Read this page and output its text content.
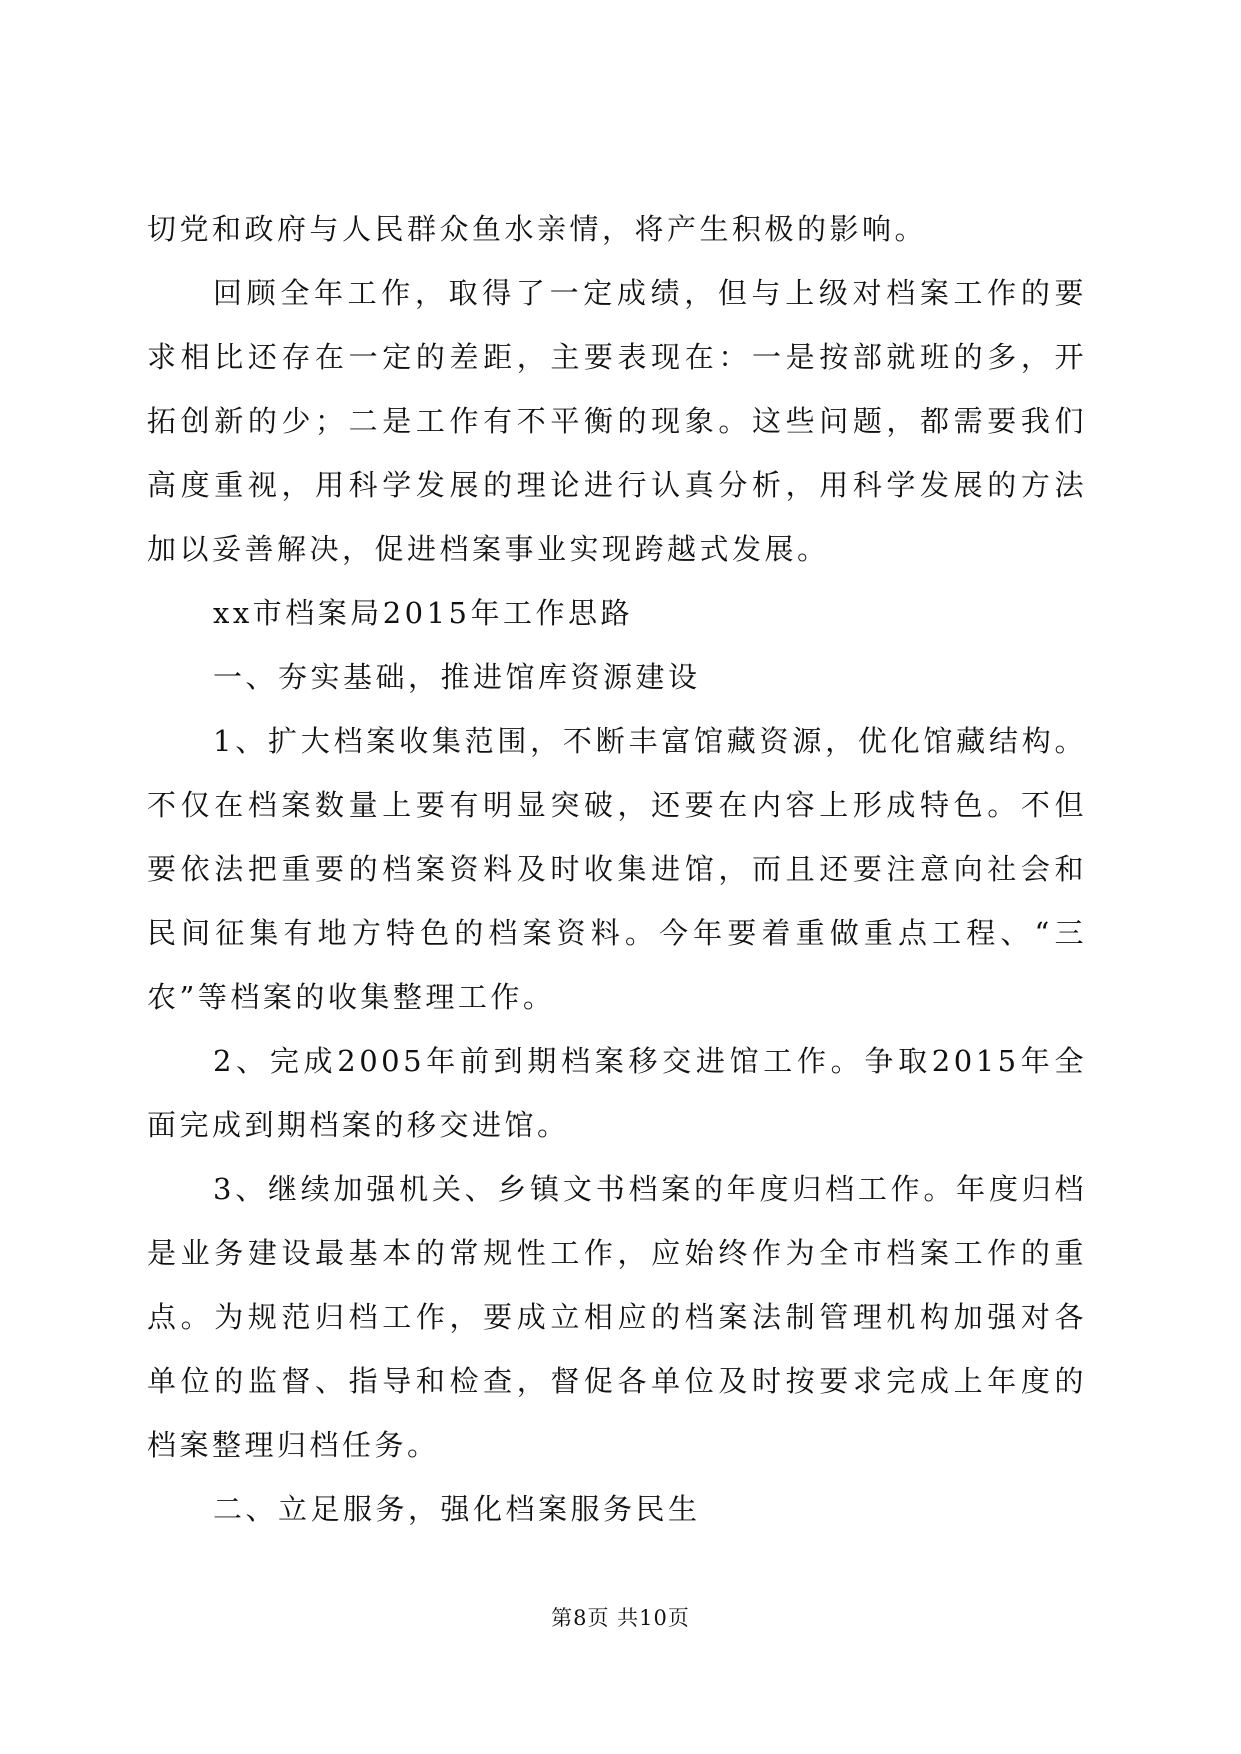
切党和政府与人民群众鱼水亲情，将产生积极的影响。

回顾全年工作，取得了一定成绩，但与上级对档案工作的要求相比还存在一定的差距，主要表现在：一是按部就班的多，开拓创新的少；二是工作有不平衡的现象。这些问题，都需要我们高度重视，用科学发展的理论进行认真分析，用科学发展的方法加以妥善解决，促进档案事业实现跨越式发展。

xx市档案局2015年工作思路

一、夯实基础，推进馆库资源建设

1、扩大档案收集范围，不断丰富馆藏资源，优化馆藏结构。不仅在档案数量上要有明显突破，还要在内容上形成特色。不但要依法把重要的档案资料及时收集进馆，而且还要注意向社会和民间征集有地方特色的档案资料。今年要着重做重点工程、“三农”等档案的收集整理工作。

2、完成2005年前到期档案移交进馆工作。争取2015年全面完成到期档案的移交进馆。

3、继续加强机关、乡镇文书档案的年度归档工作。年度归档是业务建设最基本的常规性工作，应始终作为全市档案工作的重点。为规范归档工作，要成立相应的档案法制管理机构加强对各单位的监督、指导和检查，督促各单位及时按要求完成上年度的档案整理归档任务。

二、立足服务，强化档案服务民生

第8页 共10页
